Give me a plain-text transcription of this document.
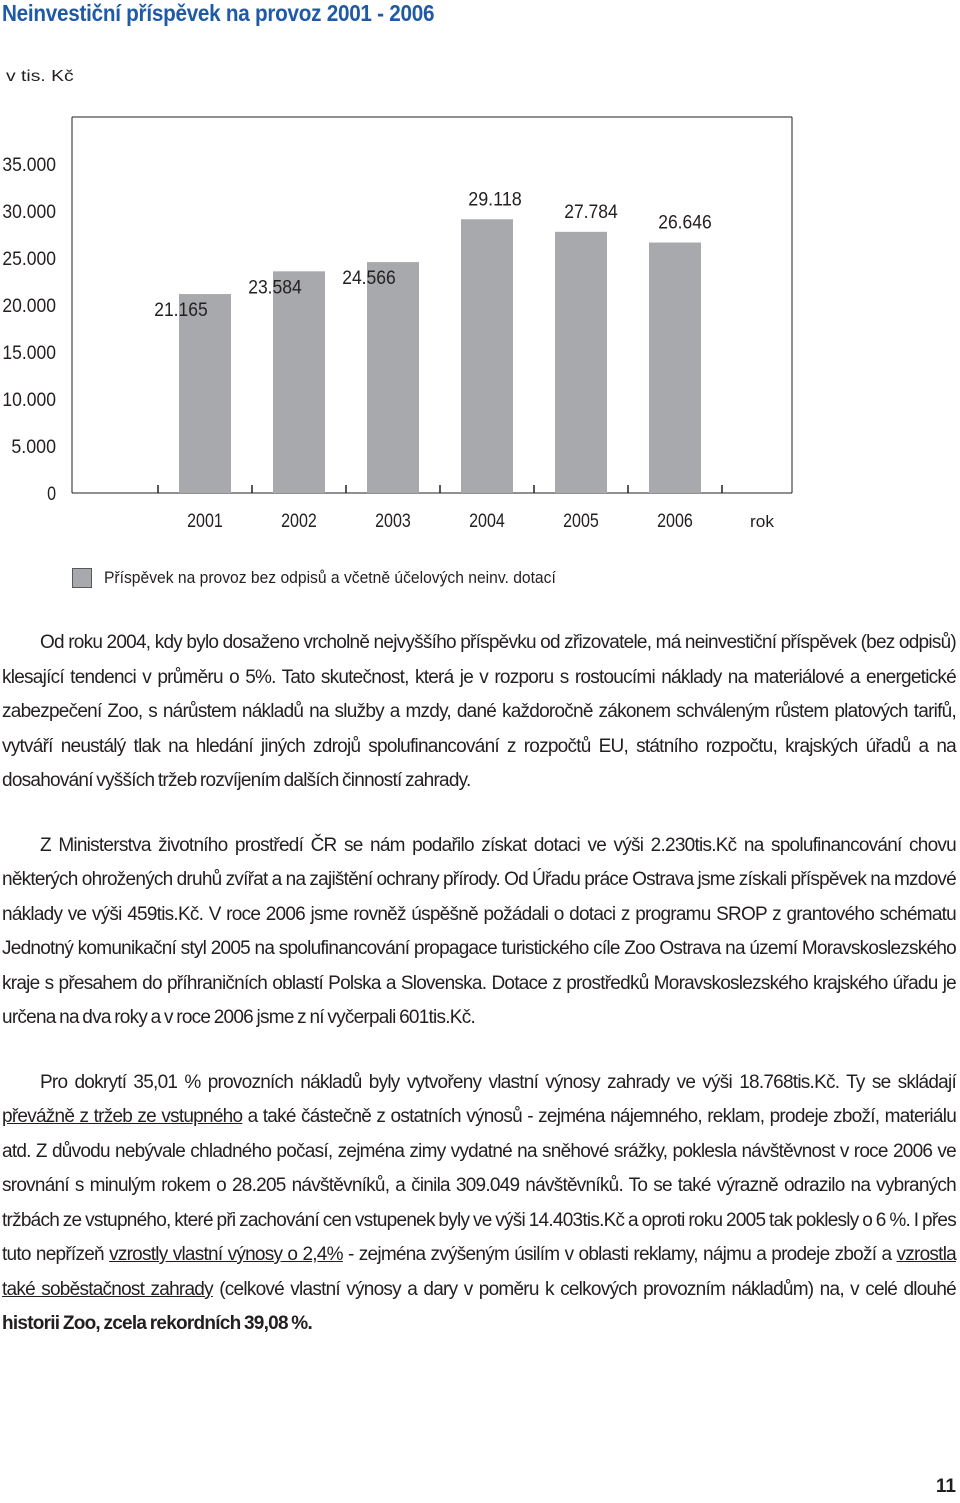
Neinvestiční příspěvek na provoz 2001 - 2006
v tis. Kč
0
5.000
10.000
15.000
20.000
25.000
30.000
35.000
21.165
2001
23.584
2002
24.566
2003
29.118
2004
27.784
2005
26.646
2006	rok
Příspěvek na provoz bez odpisů a včetně účelových neinv. dotací

Od roku 2004, kdy bylo dosaženo vrcholně nejvyššího příspěvku od zřizovatele, má neinvestiční příspěvek (bez odpisů) klesající tendenci v průměru o 5%. Tato skutečnost, která je v rozporu s rostoucími náklady na materiálové a energetické zabezpečení Zoo, s nárůstem nákladů na služby a mzdy, dané každoročně zákonem schváleným růstem platových tarifů, vytváří neustálý tlak na hledání jiných zdrojů spolufinancování z rozpočtů EU, státního rozpočtu, krajských úřadů a na dosahování vyšších tržeb rozvíjením dalších činností zahrady.

Z Ministerstva životního prostředí ČR se nám podařilo získat dotaci ve výši 2.230tis.Kč na spolufinancování chovu některých ohrožených druhů zvířat a na zajištění ochrany přírody. Od Úřadu práce Ostrava jsme získali příspěvek na mzdové náklady ve výši 459tis.Kč. V roce 2006 jsme rovněž úspěšně požádali o dotaci z programu SROP z grantového schématu Jednotný komunikační styl 2005 na spolufinancování propagace turistického cíle Zoo Ostrava na území Moravskoslezského kraje s přesahem do příhraničních oblastí Polska a Slovenska. Dotace z prostředků Moravskoslezského krajského úřadu je určena na dva roky a v roce 2006 jsme z ní vyčerpali 601tis.Kč.

Pro dokrytí 35,01 % provozních nákladů byly vytvořeny vlastní výnosy zahrady ve výši 18.768tis.Kč. Ty se skládají převážně z tržeb ze vstupného a také částečně z ostatních výnosů - zejména nájemného, reklam, prodeje zboží, materiálu atd. Z důvodu nebývale chladného počasí, zejména zimy vydatné na sněhové srážky, poklesla návštěvnost v roce 2006 ve srovnání s minulým rokem o 28.205 návštěvníků, a činila 309.049 návštěvníků. To se také výrazně odrazilo na vybraných tržbách ze vstupného, které při zachování cen vstupenek byly ve výši 14.403tis.Kč a oproti roku 2005 tak poklesly o 6 %. I přes tuto nepřízeň vzrostly vlastní výnosy o 2,4% - zejména zvýšeným úsilím v oblasti reklamy, nájmu a prodeje zboží a vzrostla také soběstačnost zahrady (celkové vlastní výnosy a dary v poměru k celkových provozním nákladům) na, v celé dlouhé historii Zoo, zcela rekordních 39,08 %.

11
